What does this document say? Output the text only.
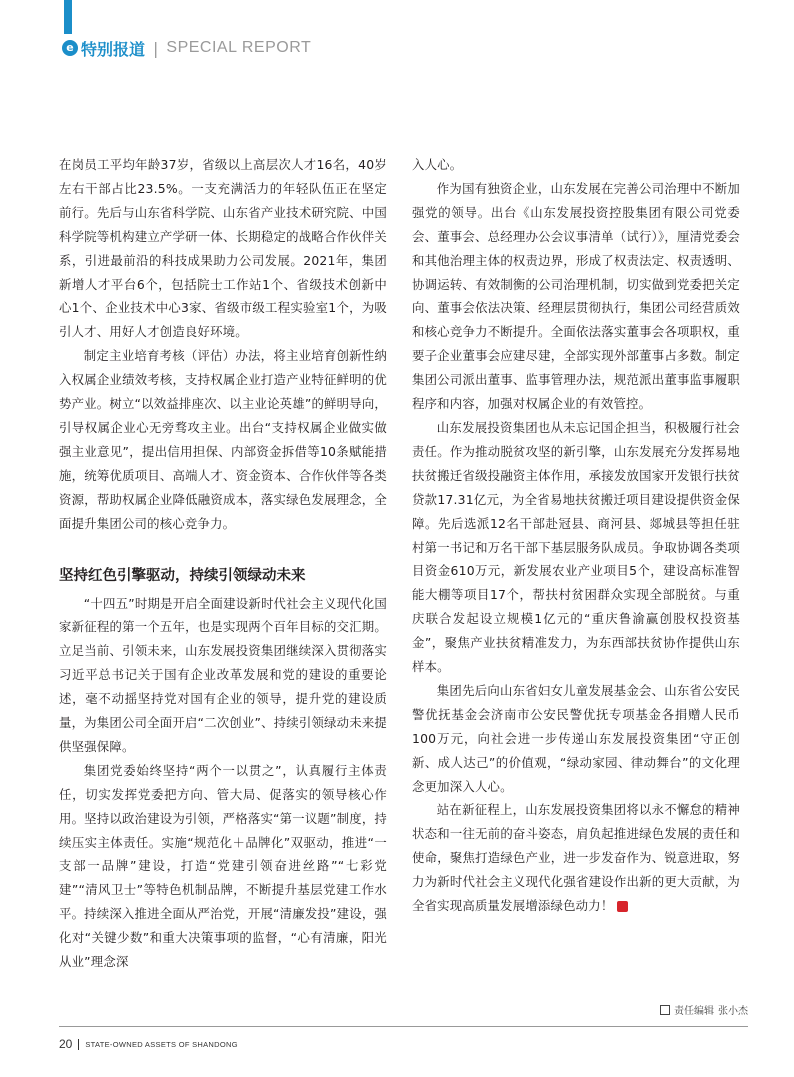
e 特别报道 | SPECIAL REPORT

在岗员工平均年龄37岁，省级以上高层次人才16名，40岁左右干部占比23.5%。一支充满活力的年轻队伍正在坚定前行。先后与山东省科学院、山东省产业技术研究院、中国科学院等机构建立产学研一体、长期稳定的战略合作伙伴关系，引进最前沿的科技成果助力公司发展。2021年，集团新增人才平台6个，包括院士工作站1个、省级技术创新中心1个、企业技术中心3家、省级市级工程实验室1个，为吸引人才、用好人才创造良好环境。

制定主业培育考核（评估）办法，将主业培育创新性纳入权属企业绩效考核，支持权属企业打造产业特征鲜明的优势产业。树立“以效益排座次、以主业论英雄”的鲜明导向，引导权属企业心无旁骛攻主业。出台“支持权属企业做实做强主业意见”，提出信用担保、内部资金拆借等10条赋能措施，统筹优质项目、高端人才、资金资本、合作伙伴等各类资源，帮助权属企业降低融资成本，落实绿色发展理念，全面提升集团公司的核心竞争力。

坚持红色引擎驱动，持续引领绿动未来

“十四五”时期是开启全面建设新时代社会主义现代化国家新征程的第一个五年，也是实现两个百年目标的交汇期。立足当前、引领未来，山东发展投资集团继续深入贯彻落实习近平总书记关于国有企业改革发展和党的建设的重要论述，毫不动摇坚持党对国有企业的领导，提升党的建设质量，为集团公司全面开启“二次创业”、持续引领绿动未来提供坚强保障。

集团党委始终坚持“两个一以贯之”，认真履行主体责任，切实发挥党委把方向、管大局、促落实的领导核心作用。坚持以政治建设为引领，严格落实“第一议题”制度，持续压实主体责任。实施“规范化＋品牌化”双驱动，推进“一支部一品牌”建设，打造“党建引领奋进丝路”“七彩党建”“清风卫士”等特色机制品牌，不断提升基层党建工作水平。持续深入推进全面从严治党，开展“清廉发投”建设，强化对“关键少数”和重大决策事项的监督，“心有清廉，阳光从业”理念深

入人心。

作为国有独资企业，山东发展在完善公司治理中不断加强党的领导。出台《山东发展投资控股集团有限公司党委会、董事会、总经理办公会议事清单（试行）》，厘清党委会和其他治理主体的权责边界，形成了权责法定、权责透明、协调运转、有效制衡的公司治理机制，切实做到党委把关定向、董事会依法决策、经理层贯彻执行，集团公司经营质效和核心竞争力不断提升。全面依法落实董事会各项职权，重要子企业董事会应建尽建，全部实现外部董事占多数。制定集团公司派出董事、监事管理办法，规范派出董事监事履职程序和内容，加强对权属企业的有效管控。

山东发展投资集团也从未忘记国企担当，积极履行社会责任。作为推动脱贫攻坚的新引擎，山东发展充分发挥易地扶贫搬迁省级投融资主体作用，承接发放国家开发银行扶贫贷款17.31亿元，为全省易地扶贫搬迁项目建设提供资金保障。先后选派12名干部赴冠县、商河县、郯城县等担任驻村第一书记和万名干部下基层服务队成员。争取协调各类项目资金610万元，新发展农业产业项目5个，建设高标准智能大棚等项目17个，帮扶村贫困群众实现全部脱贫。与重庆联合发起设立规模1亿元的“重庆鲁渝赢创股权投资基金”，聚焦产业扶贫精准发力，为东西部扶贫协作提供山东样本。

集团先后向山东省妇女儿童发展基金会、山东省公安民警优抚基金会济南市公安民警优抚专项基金各捐赠人民币100万元，向社会进一步传递山东发展投资集团“守正创新、成人达己”的价值观，“绿动家园、律动舞台”的文化理念更加深入人心。

站在新征程上，山东发展投资集团将以永不懈怠的精神状态和一往无前的奋斗姿态，肩负起推进绿色发展的责任和使命，聚焦打造绿色产业，进一步发奋作为、锐意进取，努力为新时代社会主义现代化强省建设作出新的更大贡献，为全省实现高质量发展增添绿色动力！	e

责任编辑 张小杰
20 STATE-OWNED ASSETS OF SHANDONG
